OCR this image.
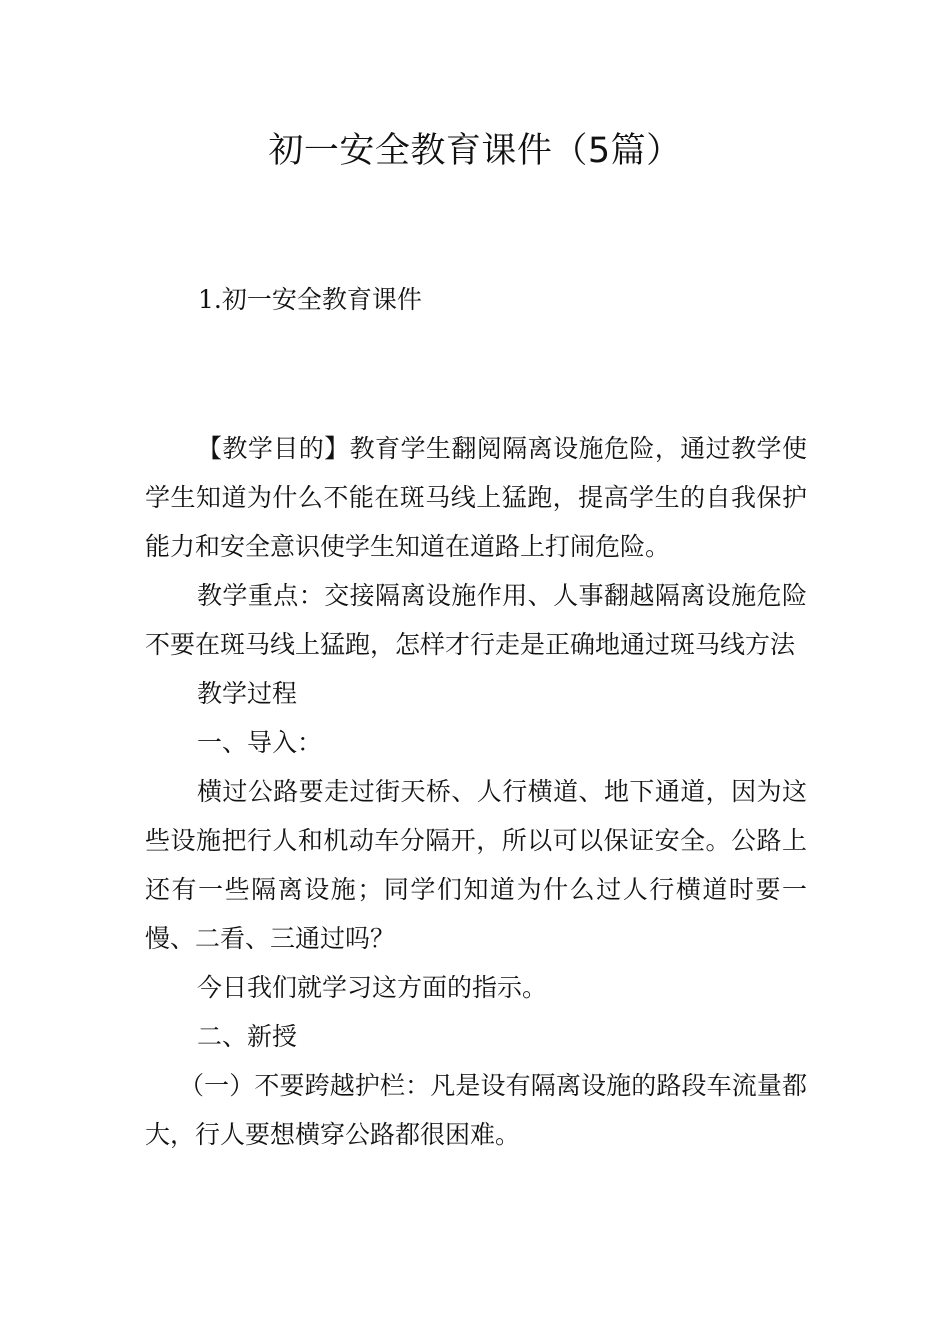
初一安全教育课件（5篇）
1.初一安全教育课件

【教学目的】教育学生翻阅隔离设施危险，通过教学使学生知道为什么不能在斑马线上猛跑，提高学生的自我保护能力和安全意识使学生知道在道路上打闹危险。

教学重点：交接隔离设施作用、人事翻越隔离设施危险不要在斑马线上猛跑，怎样才行走是正确地通过斑马线方法

教学过程

一、导入：

横过公路要走过街天桥、人行横道、地下通道，因为这些设施把行人和机动车分隔开，所以可以保证安全。公路上还有一些隔离设施；同学们知道为什么过人行横道时要一慢、二看、三通过吗？

今日我们就学习这方面的指示。

二、新授

（一）不要跨越护栏：凡是设有隔离设施的路段车流量都大，行人要想横穿公路都很困难。
